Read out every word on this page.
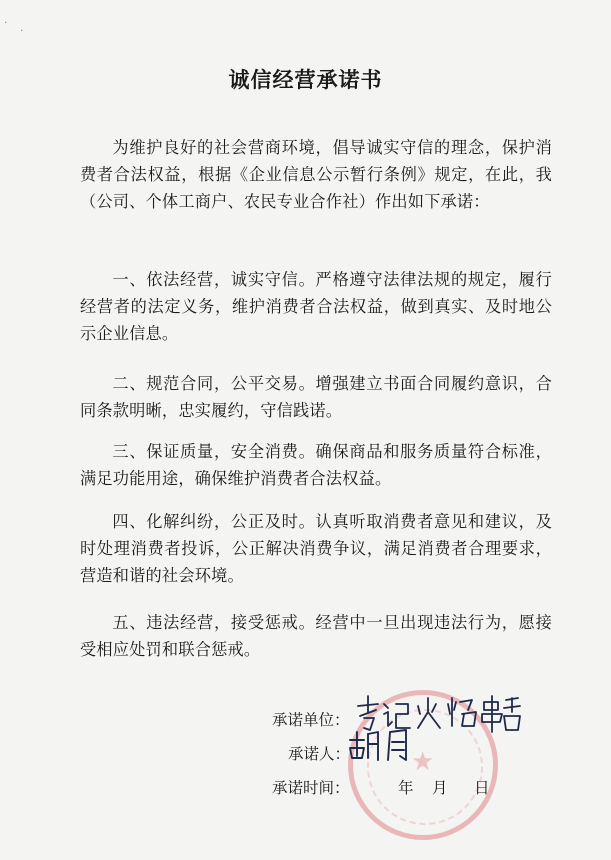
·
·
诚信经营承诺书
为维护良好的社会营商环境，倡导诚实守信的理念，保护消费者合法权益，根据《企业信息公示暂行条例》规定，在此，我（公司、个体工商户、农民专业合作社）作出如下承诺：
一、依法经营，诚实守信。严格遵守法律法规的规定，履行经营者的法定义务，维护消费者合法权益，做到真实、及时地公示企业信息。
二、规范合同，公平交易。增强建立书面合同履约意识，合同条款明晰，忠实履约，守信践诺。
三、保证质量，安全消费。确保商品和服务质量符合标准，满足功能用途，确保维护消费者合法权益。
四、化解纠纷，公正及时。认真听取消费者意见和建议，及时处理消费者投诉，公正解决消费争议，满足消费者合理要求，营造和谐的社会环境。
五、违法经营，接受惩戒。经营中一旦出现违法行为，愿接受相应处罚和联合惩戒。
★
承诺单位：
承诺人：
承诺时间：	年 月 日
